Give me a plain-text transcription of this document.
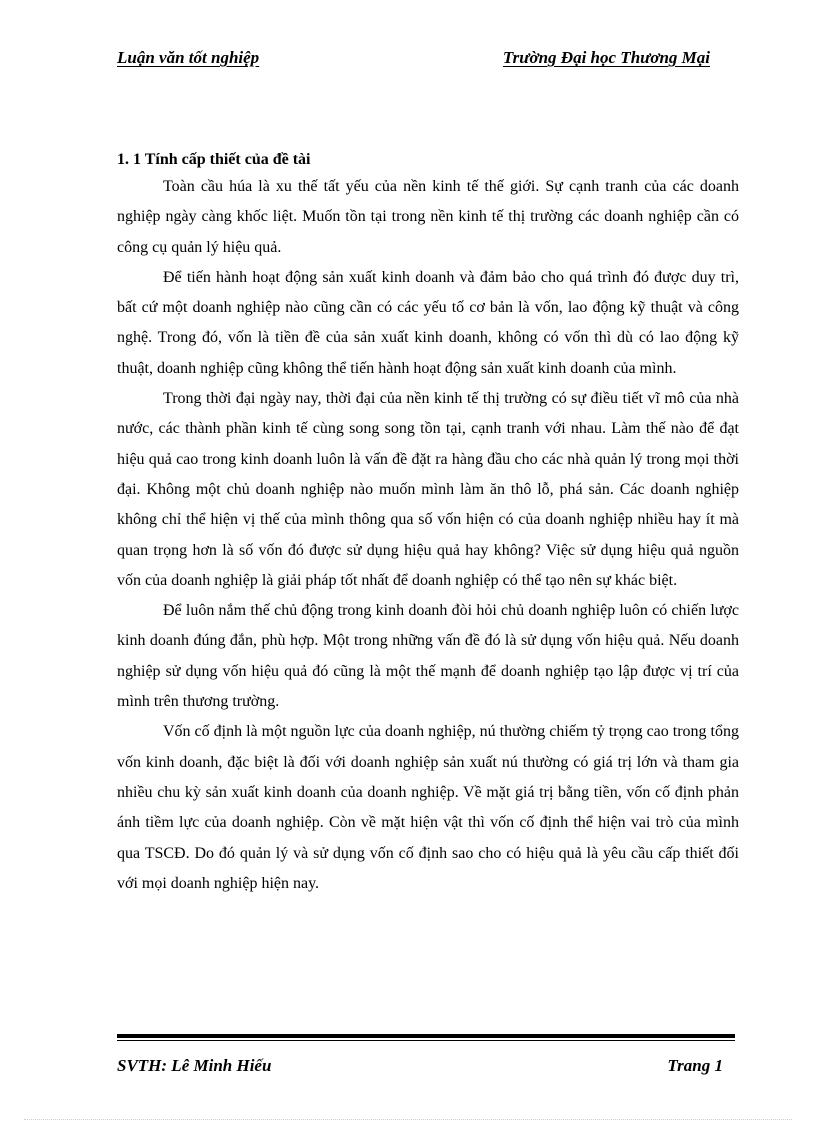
Luận văn tốt nghiệp	Trường Đại học Thương Mại

1. 1 Tính cấp thiết của đề tài

Toàn cầu húa là xu thế tất yếu của nền kinh tế thế giới. Sự cạnh tranh của các doanh nghiệp ngày càng khốc liệt. Muốn tồn tại trong nền kinh tế thị trường các doanh nghiệp cần có công cụ quản lý hiệu quả.

Để tiến hành hoạt động sản xuất kinh doanh và đảm bảo cho quá trình đó được duy trì, bất cứ một doanh nghiệp nào cũng cần có các yếu tố cơ bản là vốn, lao động kỹ thuật và công nghệ. Trong đó, vốn là tiền đề của sản xuất kinh doanh, không có vốn thì dù có lao động kỹ thuật, doanh nghiệp cũng không thể tiến hành hoạt động sản xuất kinh doanh của mình.

Trong thời đại ngày nay, thời đại của nền kinh tế thị trường có sự điều tiết vĩ mô của nhà nước, các thành phần kinh tế cùng song song tồn tại, cạnh tranh với nhau. Làm thế nào để đạt hiệu quả cao trong kinh doanh luôn là vấn đề đặt ra hàng đầu cho các nhà quản lý trong mọi thời đại. Không một chủ doanh nghiệp nào muốn mình làm ăn thô lỗ, phá sản. Các doanh nghiệp không chỉ thể hiện vị thế của mình thông qua số vốn hiện có của doanh nghiệp nhiều hay ít mà quan trọng hơn là số vốn đó được sử dụng hiệu quả hay không? Việc sử dụng hiệu quả nguồn vốn của doanh nghiệp là giải pháp tốt nhất để doanh nghiệp có thể tạo nên sự khác biệt.

Để luôn nắm thế chủ động trong kinh doanh đòi hỏi chủ doanh nghiệp luôn có chiến lược kinh doanh đúng đắn, phù hợp. Một trong những vấn đề đó là sử dụng vốn hiệu quả. Nếu doanh nghiệp sử dụng vốn hiệu quả đó cũng là một thế mạnh để doanh nghiệp tạo lập được vị trí của mình trên thương trường.

Vốn cố định là một nguồn lực của doanh nghiệp, nú thường chiếm tỷ trọng cao trong tổng vốn kinh doanh, đặc biệt là đối với doanh nghiệp sản xuất nú thường có giá trị lớn và tham gia nhiều chu kỳ sản xuất kinh doanh của doanh nghiệp. Về mặt giá trị bằng tiền, vốn cố định phản ánh tiềm lực của doanh nghiệp. Còn về mặt hiện vật thì vốn cố định thể hiện vai trò của mình qua TSCĐ. Do đó quản lý và sử dụng vốn cố định sao cho có hiệu quả là yêu cầu cấp thiết đối với mọi doanh nghiệp hiện nay.

SVTH: Lê Minh Hiếu	Trang 1
